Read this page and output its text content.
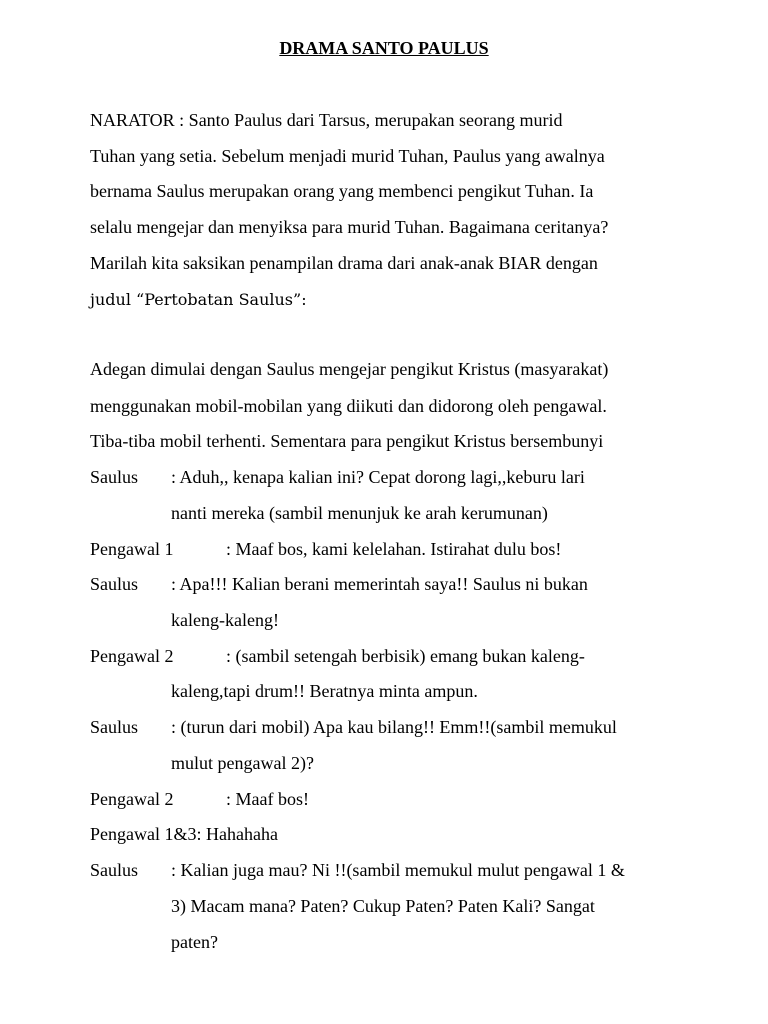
DRAMA SANTO PAULUS
NARATOR : Santo Paulus dari Tarsus, merupakan seorang murid
Tuhan yang setia. Sebelum menjadi murid Tuhan, Paulus yang awalnya
bernama Saulus merupakan orang yang membenci pengikut Tuhan. Ia
selalu mengejar dan menyiksa para murid Tuhan. Bagaimana ceritanya?
Marilah kita saksikan penampilan drama dari anak-anak BIAR dengan
judul “Pertobatan Saulus”:
Adegan dimulai dengan Saulus mengejar pengikut Kristus (masyarakat)
menggunakan mobil-mobilan yang diikuti dan didorong oleh pengawal.
Tiba-tiba mobil terhenti. Sementara para pengikut Kristus bersembunyi
Saulus : Aduh,, kenapa kalian ini? Cepat dorong lagi,,keburu lari
nanti mereka (sambil menunjuk ke arah kerumunan)
Pengawal 1	: Maaf bos, kami kelelahan. Istirahat dulu bos!
Saulus : Apa!!! Kalian berani memerintah saya!! Saulus ni bukan
kaleng-kaleng!
Pengawal 2	: (sambil setengah berbisik) emang bukan kaleng-
kaleng,tapi drum!! Beratnya minta ampun.
Saulus : (turun dari mobil) Apa kau bilang!! Emm!!(sambil memukul
mulut pengawal 2)?
Pengawal 2	: Maaf bos!
Pengawal 1&3: Hahahaha
Saulus : Kalian juga mau? Ni !!(sambil memukul mulut pengawal 1 &
3) Macam mana? Paten? Cukup Paten? Paten Kali? Sangat
paten?
